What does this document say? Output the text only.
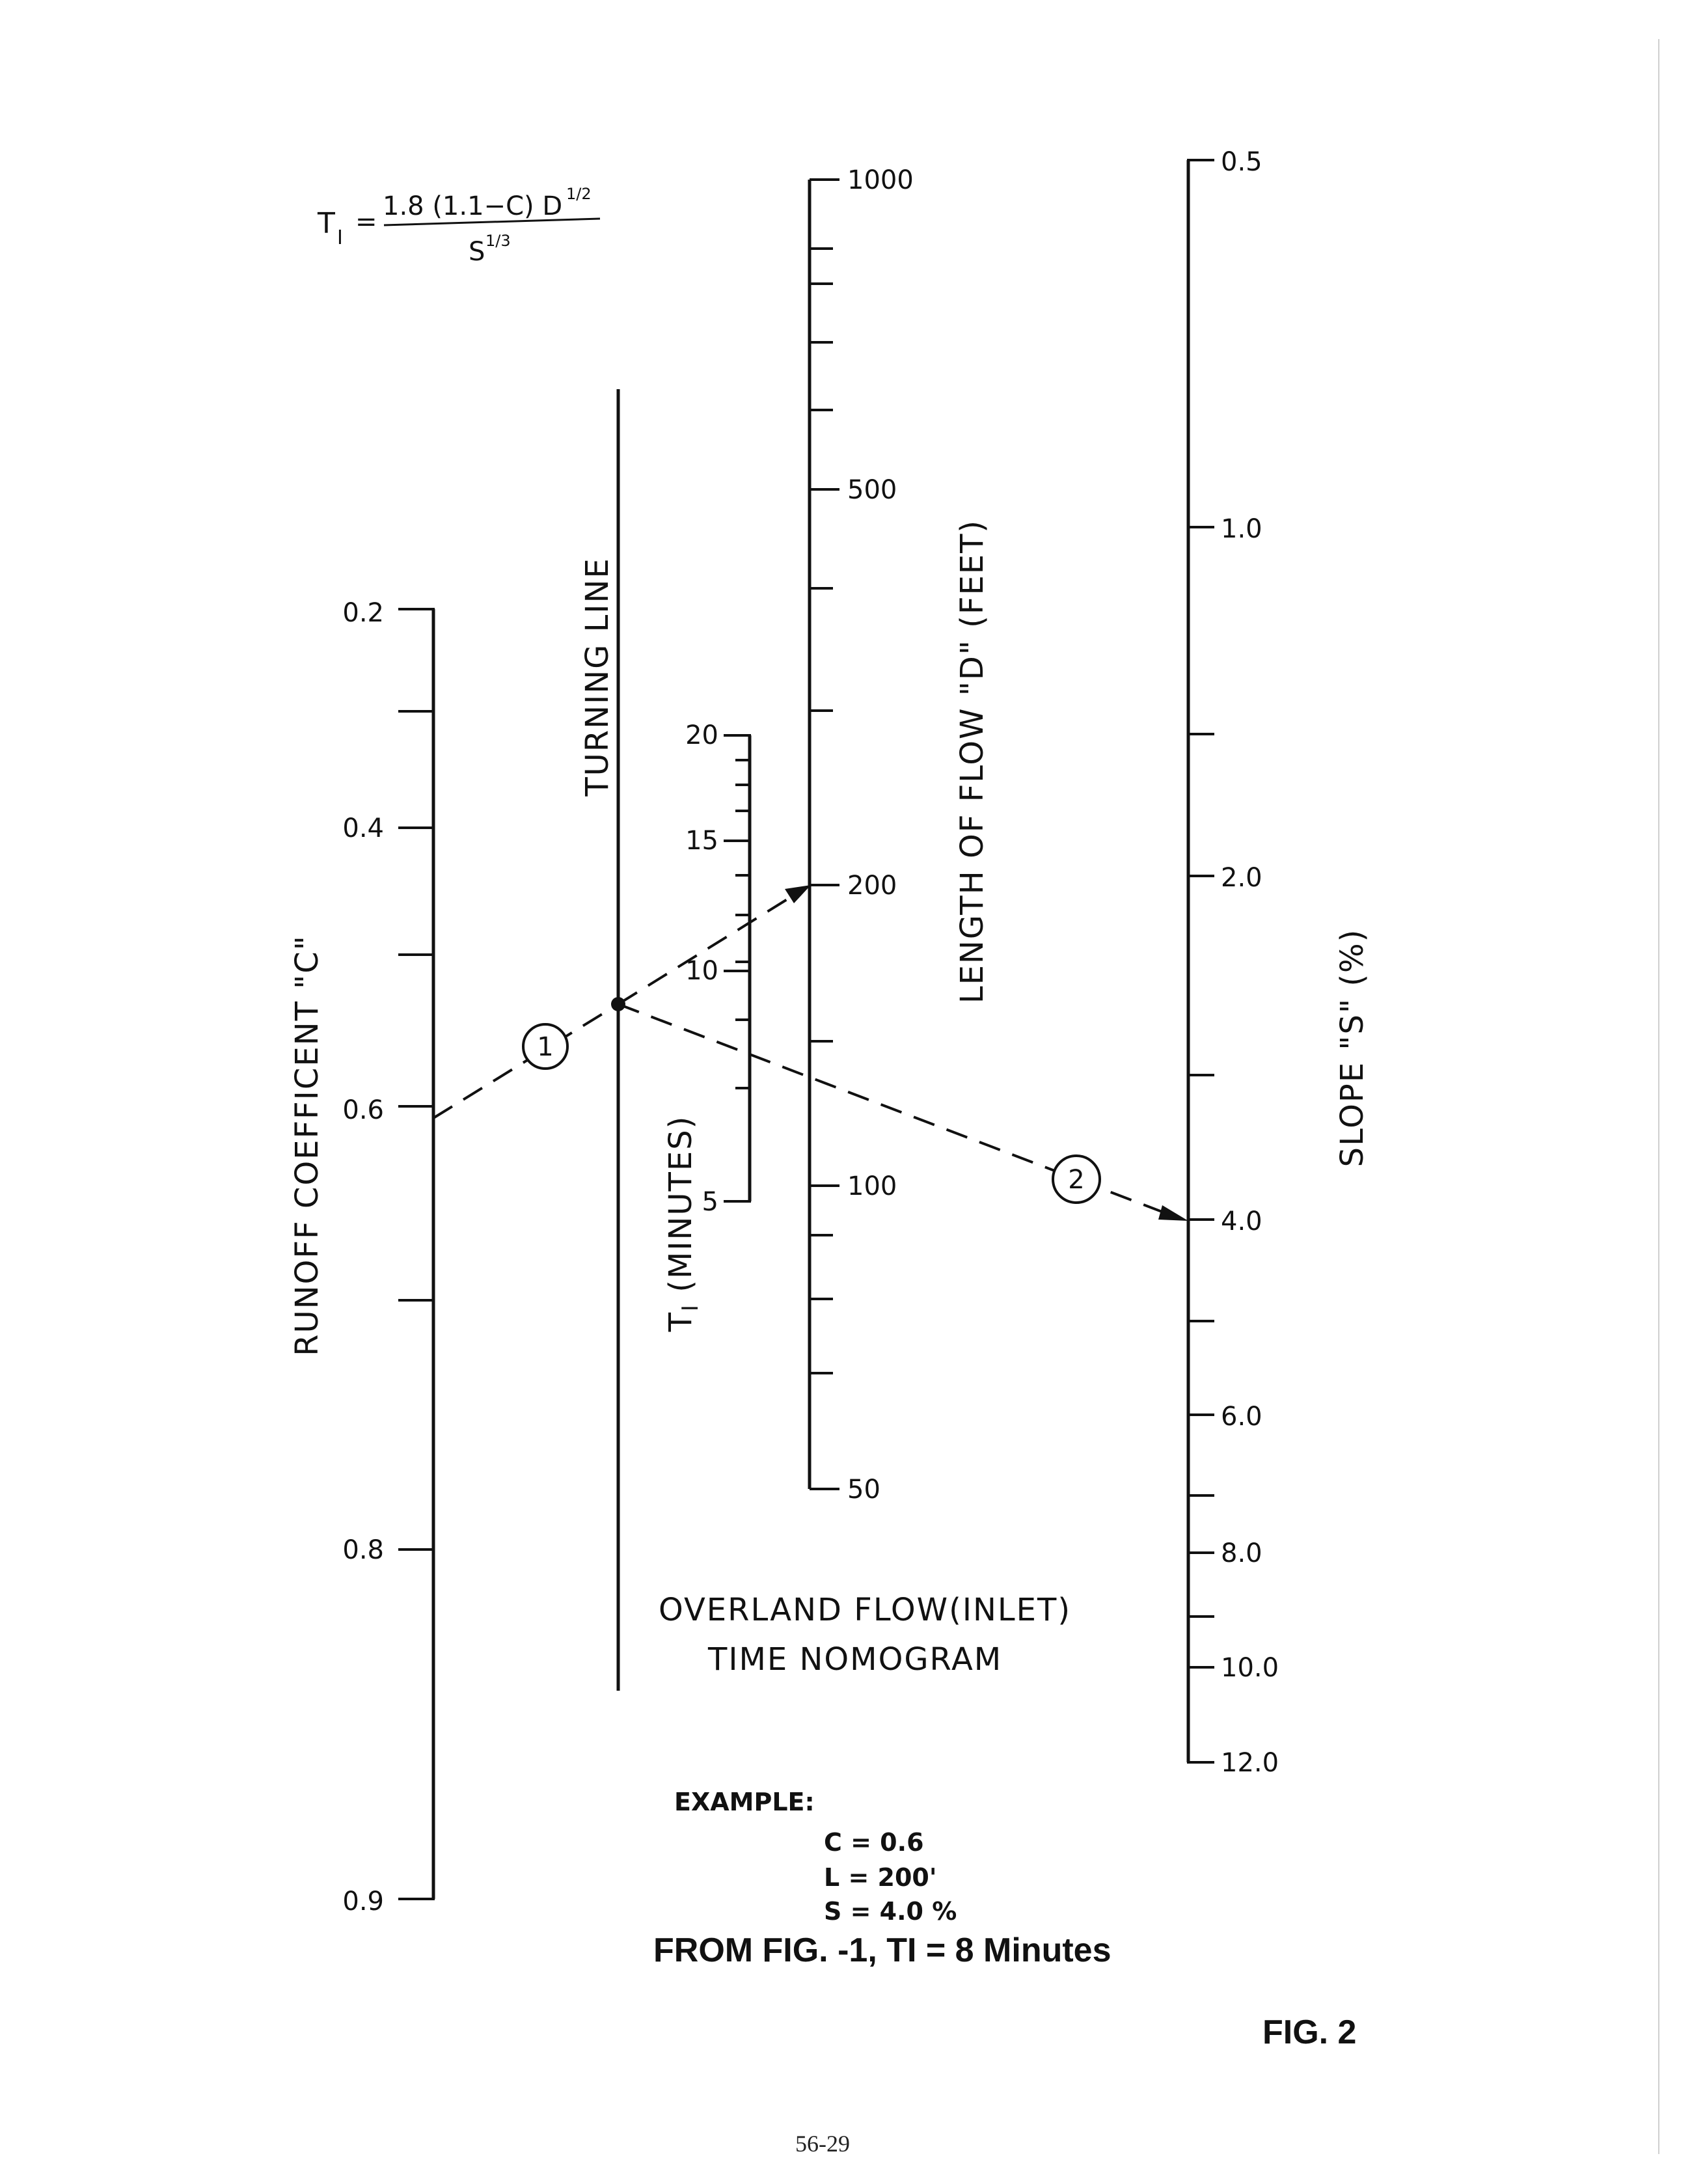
T I
=
1.8 (1.1−C) D 1/2
S 1/3
0.2
0.4
0.6
0.8
0.9
RUNOFF COEFFICENT "C"
TURNING LINE	20
15
10
5
$T_I$ (MINUTES)
1000
500
200
100
50
LENGTH OF FLOW "D" (FEET)
0.5
1.0
2.0
4.0
6.0
8.0
10.0
12.0
SLOPE "S" (%)
1
2
OVERLAND FLOW(INLET)
TIME NOMOGRAM
EXAMPLE:
C = 0.6
L = 200'
S = 4.0 %
FROM FIG. -1, TI = 8 Minutes
FIG. 2
56-29
